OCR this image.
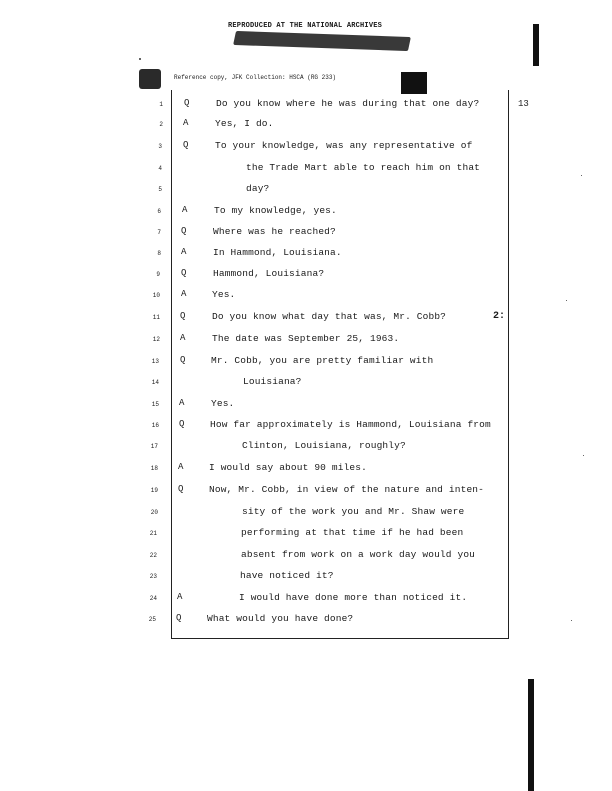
REPRODUCED AT THE NATIONAL ARCHIVES
Reference copy, JFK Collection: HSCA (RG 233)
13
2:
1 Q	Do you know where he was during that one day?
2 A	Yes, I do.
3 Q	To your knowledge, was any representative of
4	the Trade Mart able to reach him on that
5	day?
6 A	To my knowledge, yes.
7 Q	Where was he reached?
8 A	In Hammond, Louisiana.
9 Q	Hammond, Louisiana?
10 A	Yes.
11 Q	Do you know what day that was, Mr. Cobb?
12 A	The date was September 25, 1963.
13 Q	Mr. Cobb, you are pretty familiar with
14	Louisiana?
15 A	Yes.
16 Q	How far approximately is Hammond, Louisiana from
17	Clinton, Louisiana, roughly?
18 A	I would say about 90 miles.
19 Q	Now, Mr. Cobb, in view of the nature and inten-
20	sity of the work you and Mr. Shaw were
21	performing at that time if he had been
22	absent from work on a work day would you
23	have noticed it?
24 A	I would have done more than noticed it.
25 Q	What would you have done?
